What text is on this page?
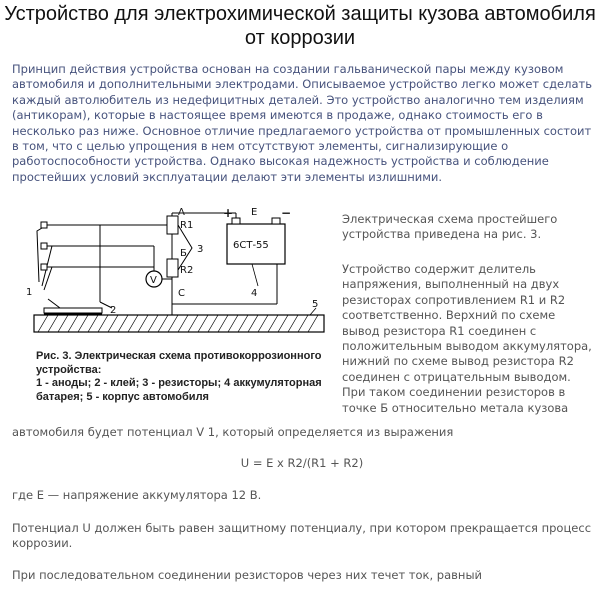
Устройство для электрохимической защиты кузова автомобиля от коррозии

Принцип действия устройства основан на создании гальванической пары между кузовом автомобиля и дополнительными электродами. Описываемое устройство легко может сделать каждый автолюбитель из недефицитных деталей. Это устройство аналогично тем изделиям (антикорам), которые в настоящее время имеются в продаже, однако стоимость его в несколько раз ниже. Основное отличие предлагаемого устройства от промышленных состоит в том, что с целью упрощения в нем отсутствуют элементы, сигнализирующие о работоспособности устройства. Однако высокая надежность устройства и соблюдение простейших условий эксплуатации делают эти элементы излишними.

V
А
R1
Б
R2
С
3
+	−
Е
6СТ-55
4
1
2
5
Рис. 3. Электрическая схема противокоррозионного устройства:
1 - аноды; 2 - клей; 3 - резисторы; 4 аккумуляторная батарея; 5 - корпус автомобиля

Электрическая схема простейшего устройства приведена на рис. 3.

Устройство содержит делитель напряжения, выполненный на двух резисторах сопротивлением R1 и R2 соответственно. Верхний по схеме вывод резистора R1 соединен с положительным выводом аккумулятора, нижний по схеме вывод резистора R2 соединен с отрицательным выводом. При таком соединении резисторов в точке Б относительно метала кузова

автомобиля будет потенциал V 1, который определяется из выражения

U = E x R2/(R1 + R2)

где Е — напряжение аккумулятора 12 В.

Потенциал U должен быть равен защитному потенциалу, при котором прекращается процесс коррозии.

При последовательном соединении резисторов через них течет ток, равный
